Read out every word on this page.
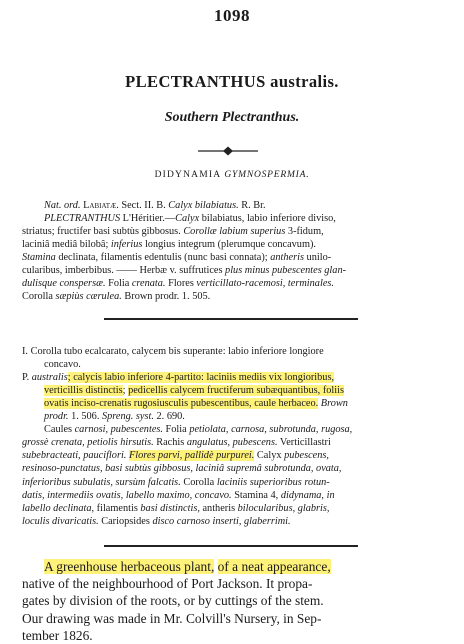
1098
PLECTRANTHUS australis.
Southern Plectranthus.
DIDYNAMIA GYMNOSPERMIA.
Nat. ord. Labiatæ. Sect. II. B. Calyx bilabiatus. R. Br.
PLECTRANTHUS L'Héritier.—Calyx bilabiatus, labio inferiore diviso,
striatus; fructifer basi subtùs gibbosus. Corollæ labium superius 3-fidum,
laciniâ mediâ bilobâ; inferius longius integrum (plerumque concavum).
Stamina declinata, filamentis edentulis (nunc basi connata); antheris unilo-
cularibus, imberbibus. —— Herbæ v. suffrutices plus minus pubescentes glan-
dulisque conspersæ. Folia crenata. Flores verticillato-racemosi, terminales.
Corolla sæpiùs cærulea. Brown prodr. 1. 505.
I. Corolla tubo ecalcarato, calycem bis superante: labio inferiore longiore
concavo.
P. australis; calycis labio inferiore 4-partito: laciniis mediis vix longioribus,
verticillis distinctis; pedicellis calycem fructiferum subæquantibus, foliis
ovatis inciso-crenatis rugosiusculis pubescentibus, caule herbaceo. Brown
prodr. 1. 506. Spreng. syst. 2. 690.
Caules carnosi, pubescentes. Folia petiolata, carnosa, subrotunda, rugosa,
grossè crenata, petiolis hirsutis. Rachis angulatus, pubescens. Verticillastri
subebracteati, pauciflori. Flores parvi, pallidè purpurei. Calyx pubescens,
resinoso-punctatus, basi subtùs gibbosus, laciniâ supremâ subrotunda, ovata,
inferioribus subulatis, sursùm falcatis. Corolla laciniis superioribus rotun-
datis, intermediis ovatis, labello maximo, concavo. Stamina 4, didynama, in
labello declinata, filamentis basi distinctis, antheris bilocularibus, glabris,
loculis divaricatis. Cariopsides disco carnoso inserti, glaberrimi.
A greenhouse herbaceous plant, of a neat appearance,
native of the neighbourhood of Port Jackson. It propa-
gates by division of the roots, or by cuttings of the stem.
Our drawing was made in Mr. Colvill's Nursery, in Sep-
tember 1826.
